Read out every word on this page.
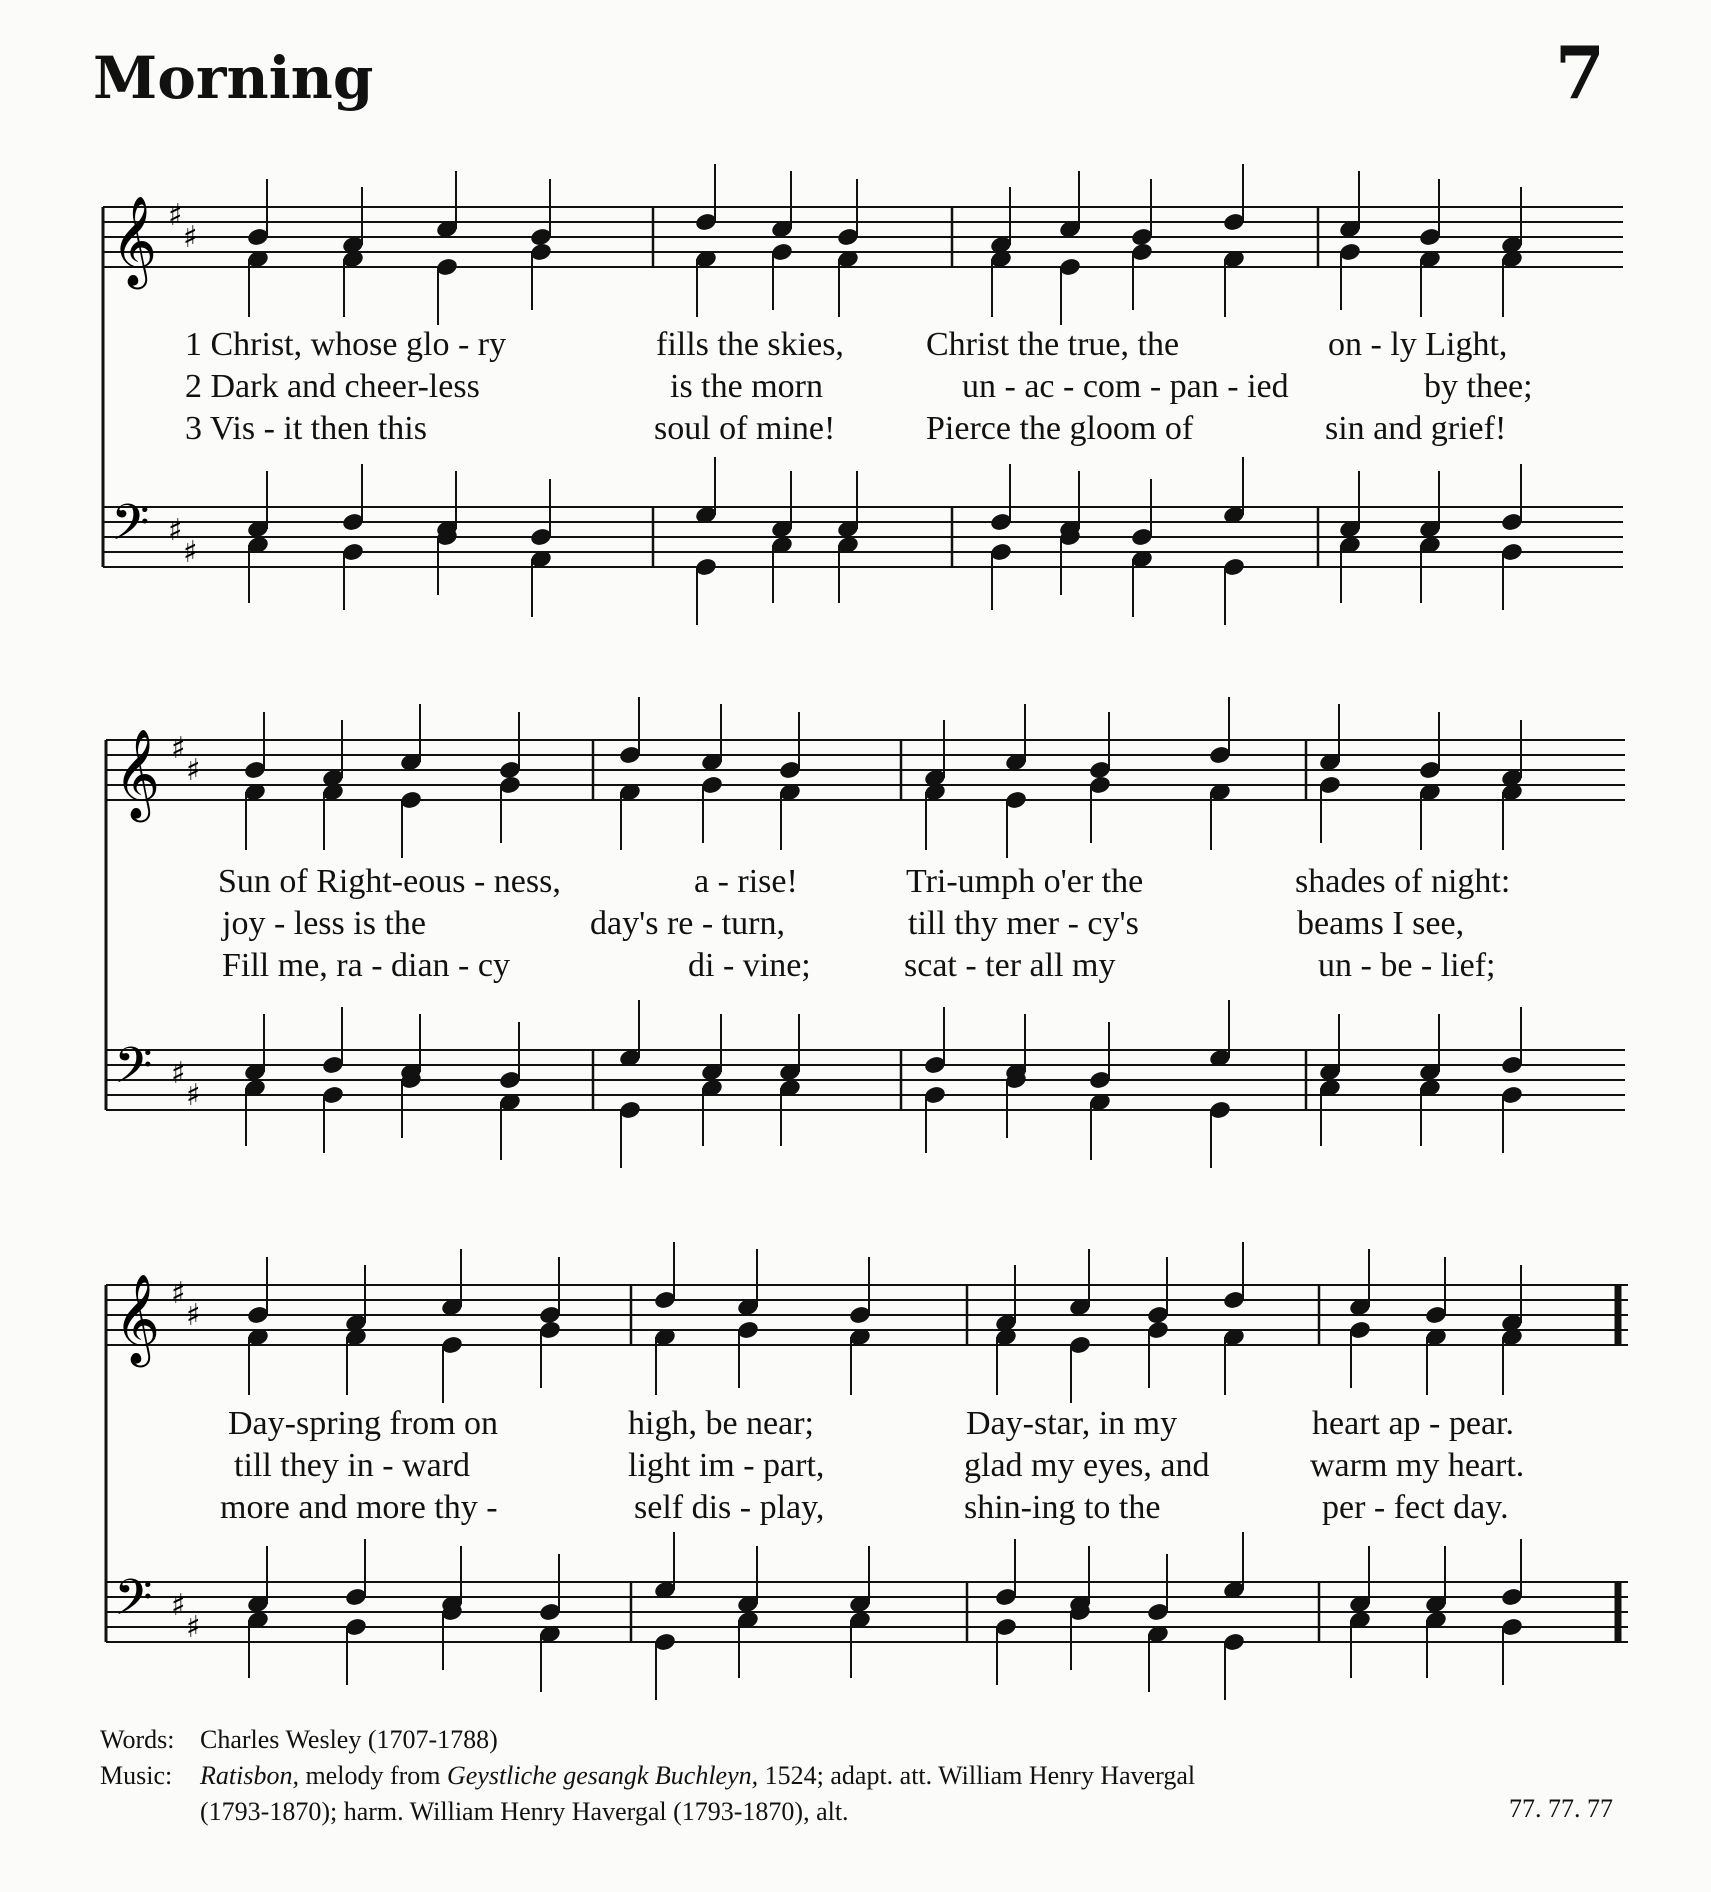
Morning	7
𝄞
𝄢
♯
♯
♯
♯
𝄞
𝄢
♯
♯
♯
♯
𝄞
𝄢
♯
♯
♯
♯
1 Christ, whose glo - ry	fills the skies, Christ the true, the	on - ly Light,
2 Dark and cheer-less	is the morn	un - ac - com - pan - ied	by thee;
3 Vis - it then this	soul of mine!	Pierce the gloom of	sin and grief!
Sun of Right-eous - ness,	a - rise!	Tri-umph o'er the	shades of night:
joy - less is the	day's re - turn,	till thy mer - cy's	beams I see,
Fill me, ra - dian - cy	di - vine;	scat - ter all my	un - be - lief;
Day-spring from on	high, be near;	Day-star, in my	heart ap - pear.
till they in - ward	light im - part,	glad my eyes, and	warm my heart.
more and more thy -	self dis - play,	shin-ing to the	per - fect day.
Words: Charles Wesley (1707-1788)
Music: Ratisbon, melody from Geystliche gesangk Buchleyn, 1524; adapt. att. William Henry Havergal
(1793-1870); harm. William Henry Havergal (1793-1870), alt.	77. 77. 77
